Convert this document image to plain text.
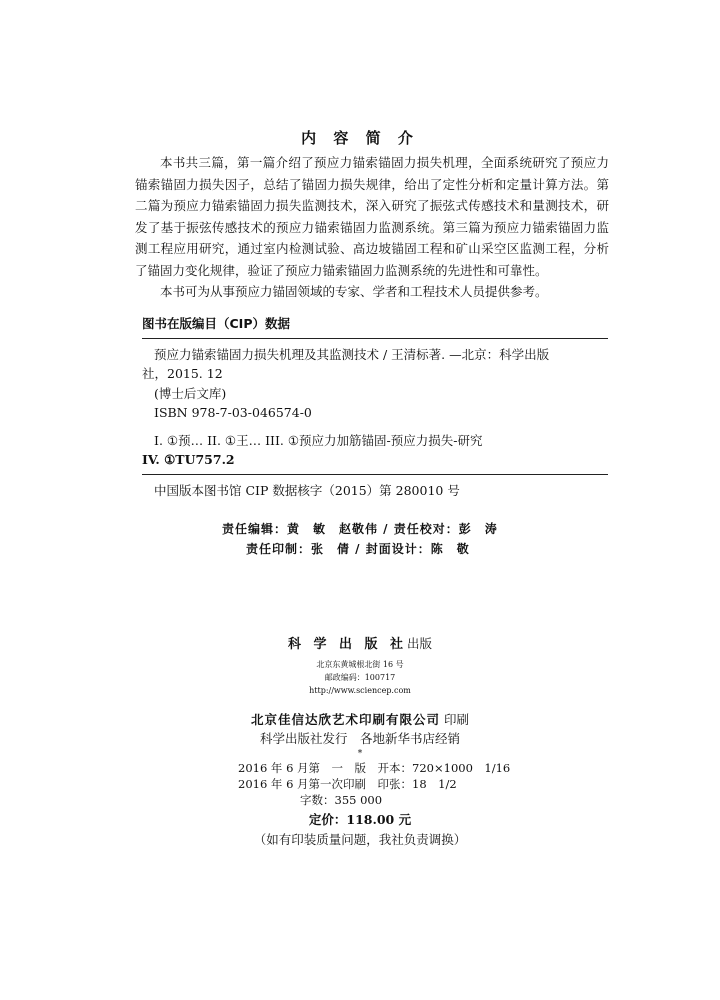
内 容 简 介

本书共三篇，第一篇介绍了预应力锚索锚固力损失机理，全面系统研究了预应力锚索锚固力损失因子，总结了锚固力损失规律，给出了定性分析和定量计算方法。第二篇为预应力锚索锚固力损失监测技术，深入研究了振弦式传感技术和量测技术，研发了基于振弦传感技术的预应力锚索锚固力监测系统。第三篇为预应力锚索锚固力监测工程应用研究，通过室内检测试验、高边坡锚固工程和矿山采空区监测工程，分析了锚固力变化规律，验证了预应力锚索锚固力监测系统的先进性和可靠性。

本书可为从事预应力锚固领域的专家、学者和工程技术人员提供参考。

图书在版编目（CIP）数据
预应力锚索锚固力损失机理及其监测技术 / 王清标著. —北京：科学出版
社，2015. 12
(博士后文库)
ISBN 978-7-03-046574-0
I. ①预… II. ①王… III. ①预应力加筋锚固-预应力损失-研究
IV. ①TU757.2
中国版本图书馆 CIP 数据核字（2015）第 280010 号
责任编辑：黄　敏　赵敬伟 / 责任校对：彭　涛
责任印制：张　倩 / 封面设计：陈　敬
科 学 出 版 社出版
北京东黄城根北街 16 号
邮政编码：100717
http://www.sciencep.com
北京佳信达欣艺术印刷有限公司 印刷
科学出版社发行　各地新华书店经销
*
2016 年 6 月第　一　版　开本：720×1000　1/16
2016 年 6 月第一次印刷　印张：18　1/2
字数：355 000
定价：118.00 元
（如有印装质量问题，我社负责调换）
